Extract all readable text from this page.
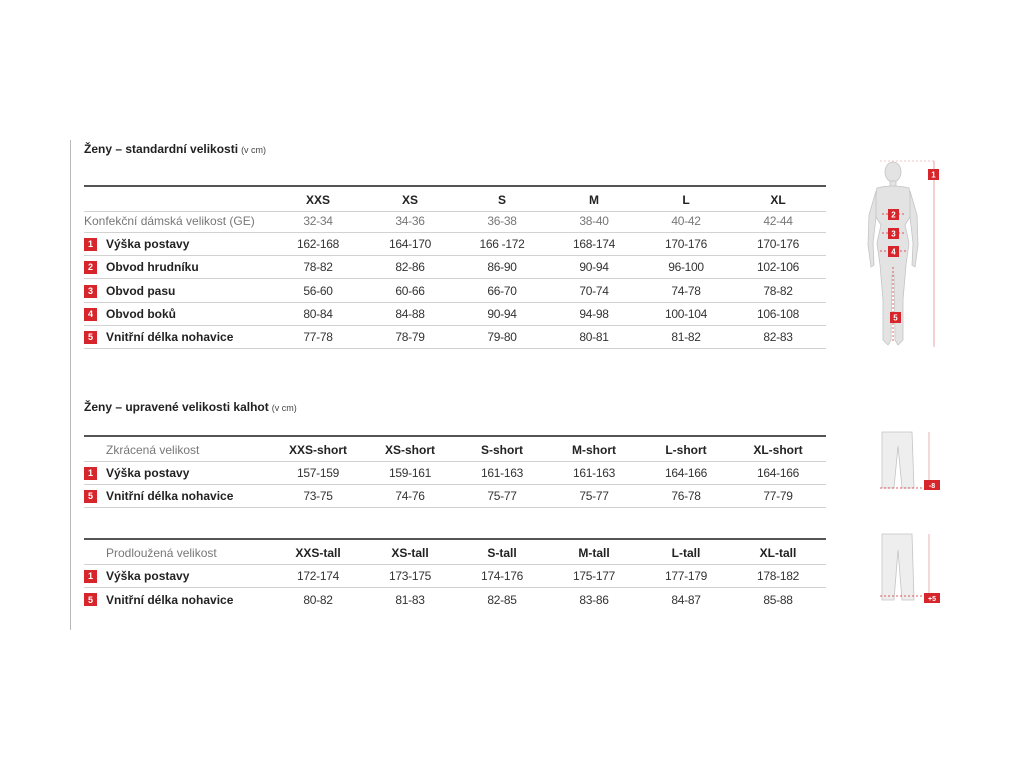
Ženy – standardní velikosti (v cm)
XXS	XS	S	M	L	XL
Konfekční dámská velikost (GE)	32-34	34-36	36-38	38-40	40-42	42-44
1	Výška postavy	162-168	164-170	166 -172	168-174	170-176	170-176
2	Obvod hrudníku	78-82	82-86	86-90	90-94	96-100	102-106
3	Obvod pasu	56-60	60-66	66-70	70-74	74-78	78-82
4	Obvod boků	80-84	84-88	90-94	94-98	100-104	106-108
5	Vnitřní délka nohavice	77-78	78-79	79-80	80-81	81-82	82-83
Ženy – upravené velikosti kalhot (v cm)
Zkrácená velikost	XXS-short	XS-short	S-short	M-short	L-short	XL-short
1	Výška postavy	157-159	159-161	161-163	161-163	164-166	164-166
5	Vnitřní délka nohavice	73-75	74-76	75-77	75-77	76-78	77-79
Prodloužená velikost	XXS-tall	XS-tall	S-tall	M-tall	L-tall	XL-tall
1	Výška postavy	172-174	173-175	174-176	175-177	177-179	178-182
5	Vnitřní délka nohavice	80-82	81-83	82-85	83-86	84-87	85-88
1
2
3
4
5
-8
+5
